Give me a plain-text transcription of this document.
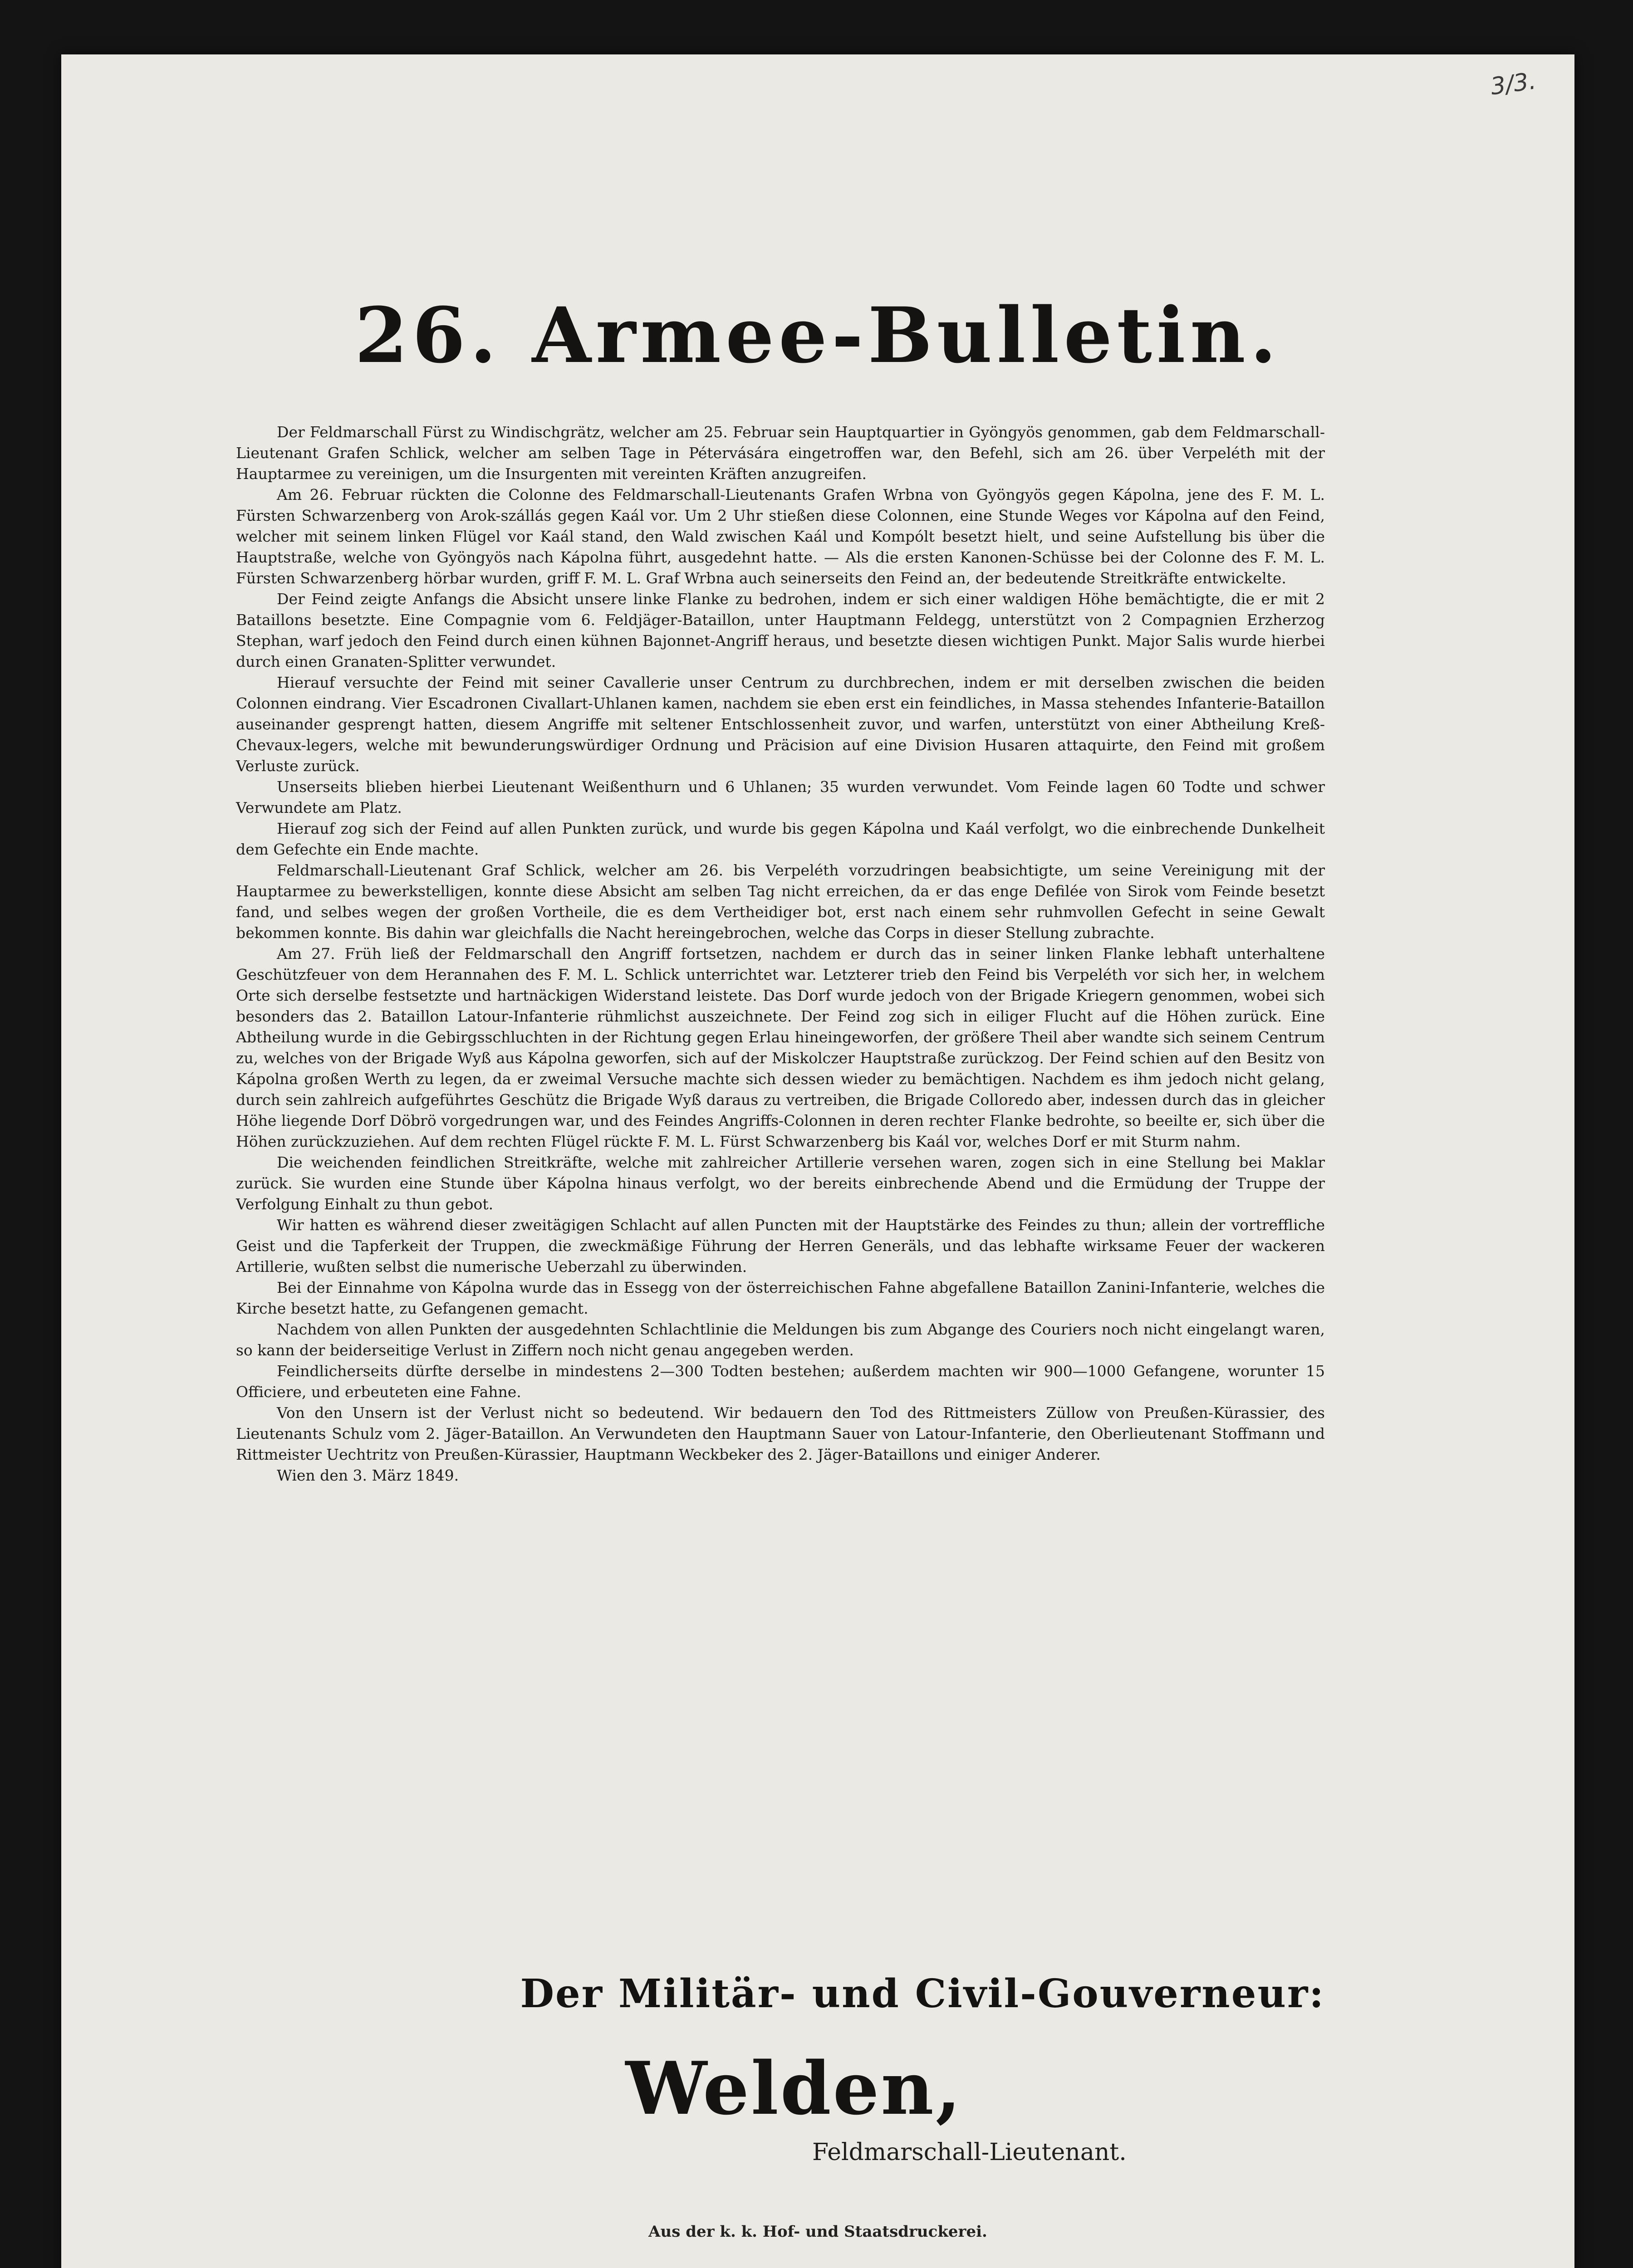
3/3.
26. Armee-Bulletin.

Der Feldmarschall Fürst zu Windischgrätz, welcher am 25. Februar sein Hauptquartier in Gyöngyös genommen, gab dem Feldmarschall-Lieutenant Grafen Schlick, welcher am selben Tage in Pétervására eingetroffen war, den Befehl, sich am 26. über Verpeléth mit der Hauptarmee zu vereinigen, um die Insurgenten mit vereinten Kräften anzugreifen.

Am 26. Februar rückten die Colonne des Feldmarschall-Lieutenants Grafen Wrbna von Gyöngyös gegen Kápolna, jene des F. M. L. Fürsten Schwarzenberg von Arok-szállás gegen Kaál vor. Um 2 Uhr stießen diese Colonnen, eine Stunde Weges vor Kápolna auf den Feind, welcher mit seinem linken Flügel vor Kaál stand, den Wald zwischen Kaál und Kompólt besetzt hielt, und seine Aufstellung bis über die Hauptstraße, welche von Gyöngyös nach Kápolna führt, ausgedehnt hatte. — Als die ersten Kanonen-Schüsse bei der Colonne des F. M. L. Fürsten Schwarzenberg hörbar wurden, griff F. M. L. Graf Wrbna auch seinerseits den Feind an, der bedeutende Streitkräfte entwickelte.

Der Feind zeigte Anfangs die Absicht unsere linke Flanke zu bedrohen, indem er sich einer waldigen Höhe bemächtigte, die er mit 2 Bataillons besetzte. Eine Compagnie vom 6. Feldjäger-Bataillon, unter Hauptmann Feldegg, unterstützt von 2 Compagnien Erzherzog Stephan, warf jedoch den Feind durch einen kühnen Bajonnet-Angriff heraus, und besetzte diesen wichtigen Punkt. Major Salis wurde hierbei durch einen Granaten-Splitter verwundet.

Hierauf versuchte der Feind mit seiner Cavallerie unser Centrum zu durchbrechen, indem er mit derselben zwischen die beiden Colonnen eindrang. Vier Escadronen Civallart-Uhlanen kamen, nachdem sie eben erst ein feindliches, in Massa stehendes Infanterie-Bataillon auseinander gesprengt hatten, diesem Angriffe mit seltener Entschlossenheit zuvor, und warfen, unterstützt von einer Abtheilung Kreß-Chevaux-legers, welche mit bewunderungswürdiger Ordnung und Präcision auf eine Division Husaren attaquirte, den Feind mit großem Verluste zurück.

Unserseits blieben hierbei Lieutenant Weißenthurn und 6 Uhlanen; 35 wurden verwundet. Vom Feinde lagen 60 Todte und schwer Verwundete am Platz.

Hierauf zog sich der Feind auf allen Punkten zurück, und wurde bis gegen Kápolna und Kaál verfolgt, wo die einbrechende Dunkelheit dem Gefechte ein Ende machte.

Feldmarschall-Lieutenant Graf Schlick, welcher am 26. bis Verpeléth vorzudringen beabsichtigte, um seine Vereinigung mit der Hauptarmee zu bewerkstelligen, konnte diese Absicht am selben Tag nicht erreichen, da er das enge Defilée von Sirok vom Feinde besetzt fand, und selbes wegen der großen Vortheile, die es dem Vertheidiger bot, erst nach einem sehr ruhmvollen Gefecht in seine Gewalt bekommen konnte. Bis dahin war gleichfalls die Nacht hereingebrochen, welche das Corps in dieser Stellung zubrachte.

Am 27. Früh ließ der Feldmarschall den Angriff fortsetzen, nachdem er durch das in seiner linken Flanke lebhaft unterhaltene Geschützfeuer von dem Herannahen des F. M. L. Schlick unterrichtet war. Letzterer trieb den Feind bis Verpeléth vor sich her, in welchem Orte sich derselbe festsetzte und hartnäckigen Widerstand leistete. Das Dorf wurde jedoch von der Brigade Kriegern genommen, wobei sich besonders das 2. Bataillon Latour-Infanterie rühmlichst auszeichnete. Der Feind zog sich in eiliger Flucht auf die Höhen zurück. Eine Abtheilung wurde in die Gebirgsschluchten in der Richtung gegen Erlau hineingeworfen, der größere Theil aber wandte sich seinem Centrum zu, welches von der Brigade Wyß aus Kápolna geworfen, sich auf der Miskolczer Hauptstraße zurückzog. Der Feind schien auf den Besitz von Kápolna großen Werth zu legen, da er zweimal Versuche machte sich dessen wieder zu bemächtigen. Nachdem es ihm jedoch nicht gelang, durch sein zahlreich aufgeführtes Geschütz die Brigade Wyß daraus zu vertreiben, die Brigade Colloredo aber, indessen durch das in gleicher Höhe liegende Dorf Döbrö vorgedrungen war, und des Feindes Angriffs-Colonnen in deren rechter Flanke bedrohte, so beeilte er, sich über die Höhen zurückzuziehen. Auf dem rechten Flügel rückte F. M. L. Fürst Schwarzenberg bis Kaál vor, welches Dorf er mit Sturm nahm.

Die weichenden feindlichen Streitkräfte, welche mit zahlreicher Artillerie versehen waren, zogen sich in eine Stellung bei Maklar zurück. Sie wurden eine Stunde über Kápolna hinaus verfolgt, wo der bereits einbrechende Abend und die Ermüdung der Truppe der Verfolgung Einhalt zu thun gebot.

Wir hatten es während dieser zweitägigen Schlacht auf allen Puncten mit der Hauptstärke des Feindes zu thun; allein der vortreffliche Geist und die Tapferkeit der Truppen, die zweckmäßige Führung der Herren Generäls, und das lebhafte wirksame Feuer der wackeren Artillerie, wußten selbst die numerische Ueberzahl zu überwinden.

Bei der Einnahme von Kápolna wurde das in Essegg von der österreichischen Fahne abgefallene Bataillon Zanini-Infanterie, welches die Kirche besetzt hatte, zu Gefangenen gemacht.

Nachdem von allen Punkten der ausgedehnten Schlachtlinie die Meldungen bis zum Abgange des Couriers noch nicht eingelangt waren, so kann der beiderseitige Verlust in Ziffern noch nicht genau angegeben werden.

Feindlicherseits dürfte derselbe in mindestens 2—300 Todten bestehen; außerdem machten wir 900—1000 Gefangene, worunter 15 Officiere, und erbeuteten eine Fahne.

Von den Unsern ist der Verlust nicht so bedeutend. Wir bedauern den Tod des Rittmeisters Züllow von Preußen-Kürassier, des Lieutenants Schulz vom 2. Jäger-Bataillon. An Verwundeten den Hauptmann Sauer von Latour-Infanterie, den Oberlieutenant Stoffmann und Rittmeister Uechtritz von Preußen-Kürassier, Hauptmann Weckbeker des 2. Jäger-Bataillons und einiger Anderer.

Wien den 3. März 1849.

Der Militär- und Civil-Gouverneur:

Welden,
Feldmarschall-Lieutenant.
Aus der k. k. Hof- und Staatsdruckerei.
